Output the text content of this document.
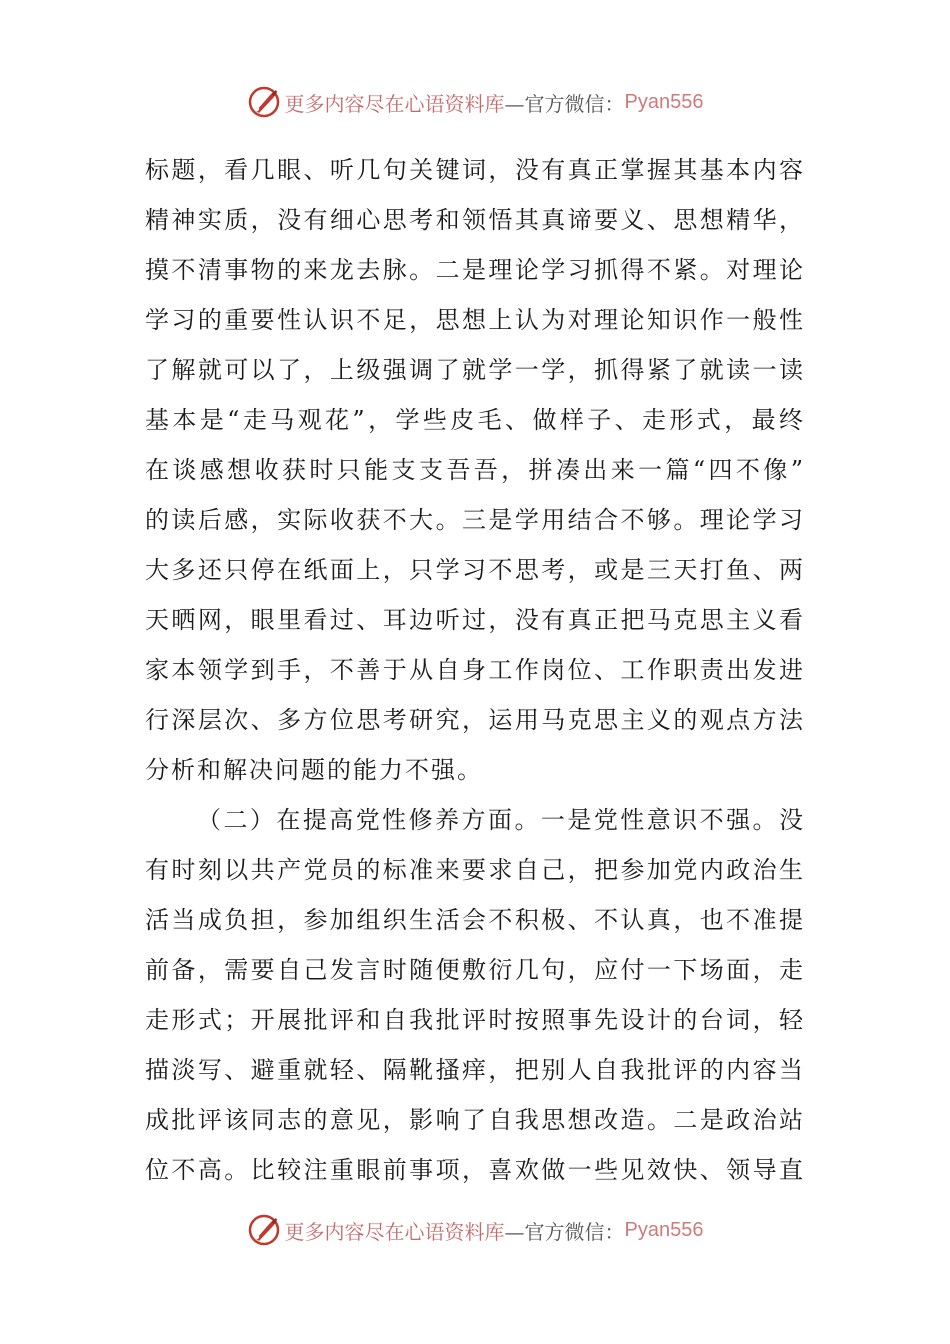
更多内容尽在心语资料库 —官方微信： Pyan556
标题，看几眼、听几句关键词，没有真正掌握其基本内容
精神实质，没有细心思考和领悟其真谛要义、思想精华，
摸不清事物的来龙去脉。二是理论学习抓得不紧。对理论
学习的重要性认识不足，思想上认为对理论知识作一般性
了解就可以了，上级强调了就学一学，抓得紧了就读一读
基本是“走马观花”，学些皮毛、做样子、走形式，最终
在谈感想收获时只能支支吾吾，拼凑出来一篇“四不像”
的读后感，实际收获不大。三是学用结合不够。理论学习
大多还只停在纸面上，只学习不思考，或是三天打鱼、两
天晒网，眼里看过、耳边听过，没有真正把马克思主义看
家本领学到手，不善于从自身工作岗位、工作职责出发进
行深层次、多方位思考研究，运用马克思主义的观点方法
分析和解决问题的能力不强。
（二）在提高党性修养方面。一是党性意识不强。没
有时刻以共产党员的标准来要求自己，把参加党内政治生
活当成负担，参加组织生活会不积极、不认真，也不准提
前备，需要自己发言时随便敷衍几句，应付一下场面，走
走形式；开展批评和自我批评时按照事先设计的台词，轻
描淡写、避重就轻、隔靴搔痒，把别人自我批评的内容当
成批评该同志的意见，影响了自我思想改造。二是政治站
位不高。比较注重眼前事项，喜欢做一些见效快、领导直
更多内容尽在心语资料库 —官方微信： Pyan556
